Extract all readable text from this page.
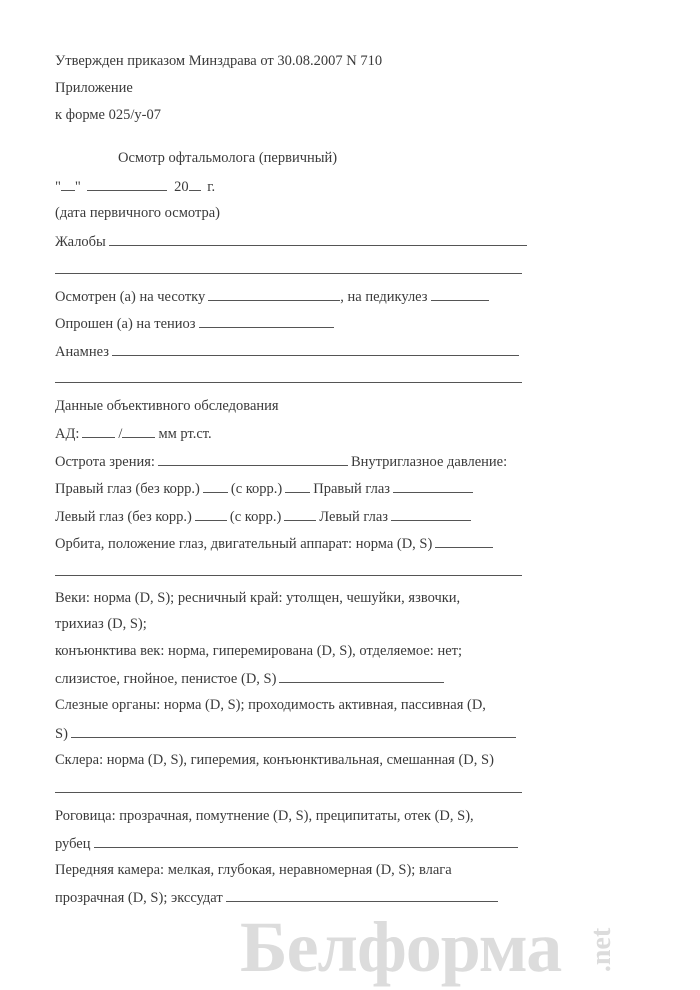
Утвержден приказом Минздрава от 30.08.2007 N 710
Приложение
к форме 025/у-07
Осмотр офтальмолога (первичный)
" "	20 г.
(дата первичного осмотра)
Жалобы
Осмотрен (а) на чесотку	, на педикулез
Опрошен (а) на тениоз
Анамнез
Данные объективного обследования
АД:	/ мм рт.ст.
Острота зрения:	Внутриглазное давление:
Правый глаз (без корр.) (с корр.) Правый глаз
Левый глаз (без корр.)	(с корр.)	Левый глаз
Орбита, положение глаз, двигательный аппарат: норма (D, S)
Веки: норма (D, S); ресничный край: утолщен, чешуйки, язвочки,
трихиаз (D, S);
конъюнктива век: норма, гиперемирована (D, S), отделяемое: нет;
слизистое, гнойное, пенистое (D, S)
Слезные органы: норма (D, S); проходимость активная, пассивная (D,
S)
Склера: норма (D, S), гиперемия, конъюнктивальная, смешанная (D, S)
Роговица: прозрачная, помутнение (D, S), преципитаты, отек (D, S),
рубец
Передняя камера: мелкая, глубокая, неравномерная (D, S); влага
прозрачная (D, S); экссудат
Белформа .net
